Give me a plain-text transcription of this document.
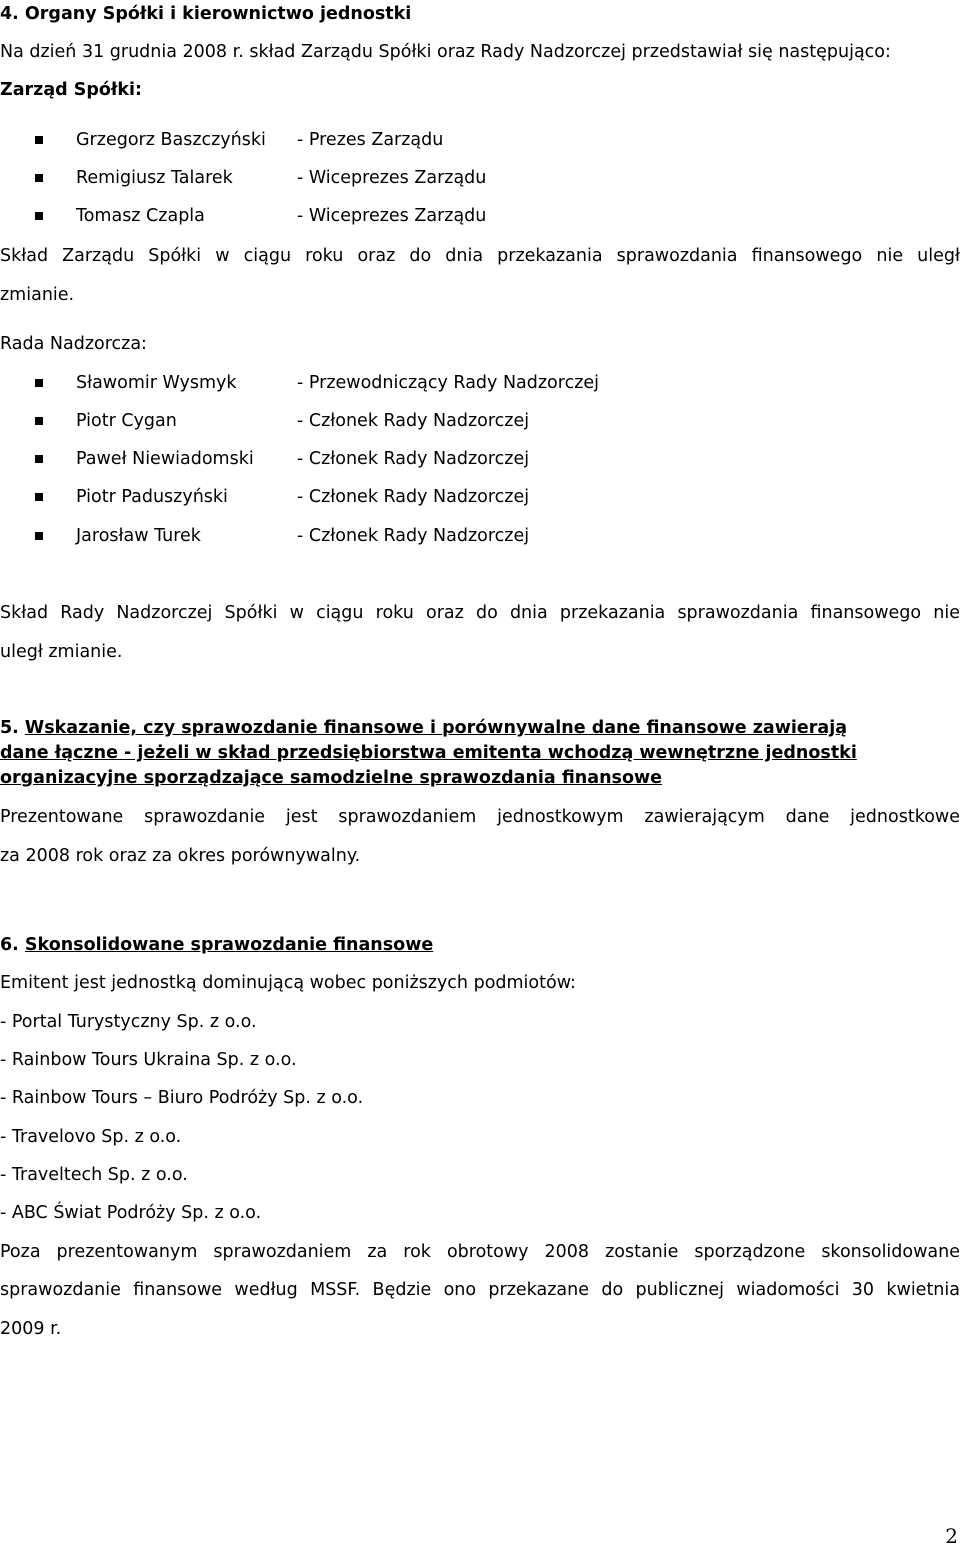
4. Organy Spółki i kierownictwo jednostki
Na dzień 31 grudnia 2008 r. skład Zarządu Spółki oraz Rady Nadzorczej przedstawiał się następująco:
Zarząd Spółki:
Grzegorz Baszczyński - Prezes Zarządu
Remigiusz Talarek	- Wiceprezes Zarządu
Tomasz Czapla	- Wiceprezes Zarządu
Skład Zarządu Spółki w ciągu roku oraz do dnia przekazania sprawozdania finansowego nie uległ
zmianie.
Rada Nadzorcza:
Sławomir Wysmyk	- Przewodniczący Rady Nadzorczej
Piotr Cygan	- Członek Rady Nadzorczej
Paweł Niewiadomski - Członek Rady Nadzorczej
Piotr Paduszyński	- Członek Rady Nadzorczej
Jarosław Turek	- Członek Rady Nadzorczej
Skład Rady Nadzorczej Spółki w ciągu roku oraz do dnia przekazania sprawozdania finansowego nie
uległ zmianie.
5. Wskazanie, czy sprawozdanie finansowe i porównywalne dane finansowe zawierają
dane łączne - jeżeli w skład przedsiębiorstwa emitenta wchodzą wewnętrzne jednostki
organizacyjne sporządzające samodzielne sprawozdania finansowe
Prezentowane sprawozdanie jest sprawozdaniem jednostkowym zawierającym dane jednostkowe
za 2008 rok oraz za okres porównywalny.
6. Skonsolidowane sprawozdanie finansowe
Emitent jest jednostką dominującą wobec poniższych podmiotów:
- Portal Turystyczny Sp. z o.o.
- Rainbow Tours Ukraina Sp. z o.o.
- Rainbow Tours – Biuro Podróży Sp. z o.o.
- Travelovo Sp. z o.o.
- Traveltech Sp. z o.o.
- ABC Świat Podróży Sp. z o.o.
Poza prezentowanym sprawozdaniem za rok obrotowy 2008 zostanie sporządzone skonsolidowane
sprawozdanie finansowe według MSSF. Będzie ono przekazane do publicznej wiadomości 30 kwietnia
2009 r.
2
